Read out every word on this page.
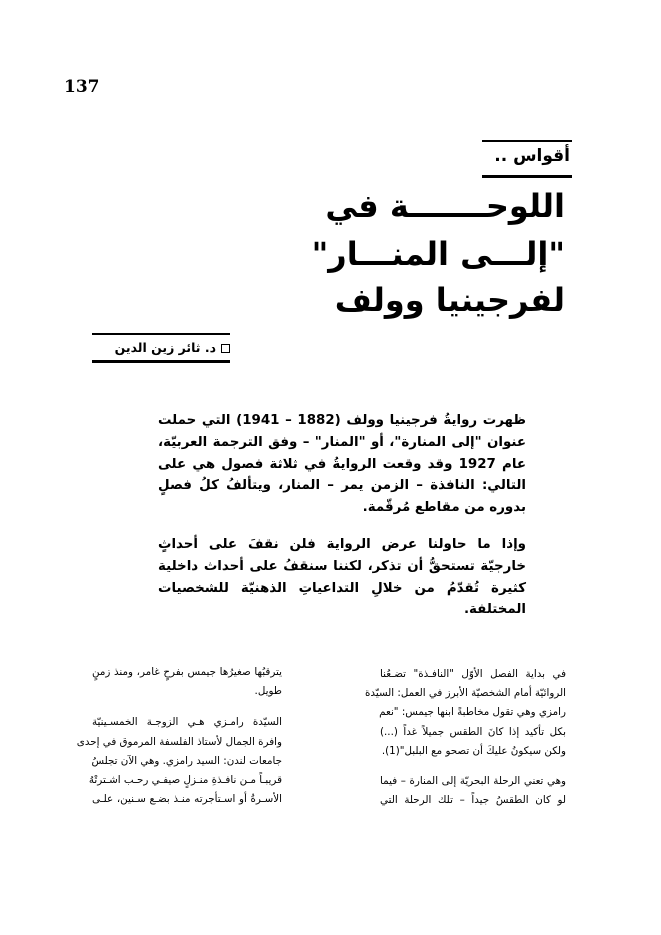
137
أقواس ..
اللوحـــــــة في
"إلـــى المنـــار"
لفرجينيا وولف
د. ثائر زين الدين

ظهرت روايةُ فرجينيا وولف (1882 – 1941) التي حملت عنوان "إلى المنارة"، أو "المنار" – وفق الترجمة العربيّة، عام 1927 وقد وقعت الروايةُ في ثلاثة فصول هي على التالي: النافذة – الزمن يمر – المنار، ويتألفُ كلُ فصلٍ بدوره من مقاطع مُرقّمة.

وإذا ما حاولنا عرض الرواية فلن نقفَ على أحداثٍ خارجيّة تستحقُّ أن تذكر، لكننا سنقفُ على أحداث داخلية كثيرة تُقدّمُ من خلالِ التداعياتِ الذهنيّة للشخصيات المختلفة.

في بداية الفصل الأوّل "النافـذة" تضـعُنا
الروائيّة أمام الشخصيّة الأبرز في العمل: السيّدة
رامزي وهي تقول مخاطبةً ابنها جيمس: "نعم
بكل تأكيد إذا كانَ الطقس جميلاً غداً (...)
ولكن سيكونُ عليكَ أن تصحو مع البلبل"(1).
وهي تعني الرحلة البحريّة إلى المنارة – فيما
لو كان الطقسُ جيداً – تلك الرحلة التي
يترقبُها صغيرُها جيمس بفرحٍ غامر، ومنذ زمنٍ
طويل.
السيّدة رامـزي هـي الزوجـة الخمسـينيّة
وافرة الجمال لأستاذ الفلسفة المرموق في إحدى
جامعات لندن: السيد رامزي. وهي الآن تجلسُ
قريبـاً مـن نافـذةِ منـزلٍ صيفـي رحـب اشـترتْهُ
الأسـرةُ أو اسـتأجرته منـذ بضـع سـنين، علـى
